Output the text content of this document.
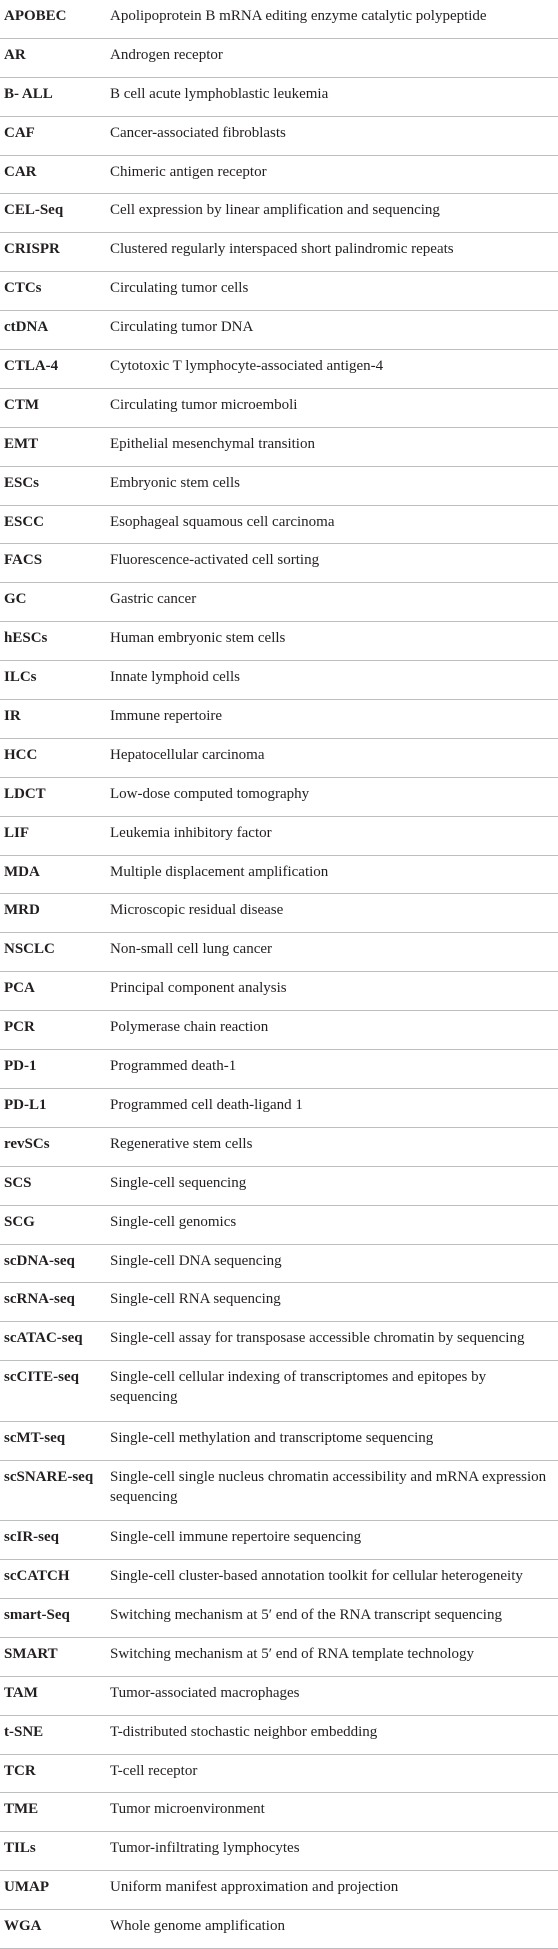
APOBEC	Apolipoprotein B mRNA editing enzyme catalytic polypeptide
AR	Androgen receptor
B- ALL	B cell acute lymphoblastic leukemia
CAF	Cancer-associated fibroblasts
CAR	Chimeric antigen receptor
CEL-Seq	Cell expression by linear amplification and sequencing
CRISPR	Clustered regularly interspaced short palindromic repeats
CTCs	Circulating tumor cells
ctDNA	Circulating tumor DNA
CTLA-4	Cytotoxic T lymphocyte-associated antigen-4
CTM	Circulating tumor microemboli
EMT	Epithelial mesenchymal transition
ESCs	Embryonic stem cells
ESCC	Esophageal squamous cell carcinoma
FACS	Fluorescence-activated cell sorting
GC	Gastric cancer
hESCs	Human embryonic stem cells
ILCs	Innate lymphoid cells
IR	Immune repertoire
HCC	Hepatocellular carcinoma
LDCT	Low-dose computed tomography
LIF	Leukemia inhibitory factor
MDA	Multiple displacement amplification
MRD	Microscopic residual disease
NSCLC	Non-small cell lung cancer
PCA	Principal component analysis
PCR	Polymerase chain reaction
PD-1	Programmed death-1
PD-L1	Programmed cell death-ligand 1
revSCs	Regenerative stem cells
SCS	Single-cell sequencing
SCG	Single-cell genomics
scDNA-seq	Single-cell DNA sequencing
scRNA-seq	Single-cell RNA sequencing
scATAC-seq	Single-cell assay for transposase accessible chromatin by sequencing
scCITE-seq	Single-cell cellular indexing of transcriptomes and epitopes by sequencing
scMT-seq	Single-cell methylation and transcriptome sequencing
scSNARE-seq	Single-cell single nucleus chromatin accessibility and mRNA expression sequencing
scIR-seq	Single-cell immune repertoire sequencing
scCATCH	Single-cell cluster-based annotation toolkit for cellular heterogeneity
smart-Seq	Switching mechanism at 5′ end of the RNA transcript sequencing
SMART	Switching mechanism at 5′ end of RNA template technology
TAM	Tumor-associated macrophages
t-SNE	T-distributed stochastic neighbor embedding
TCR	T-cell receptor
TME	Tumor microenvironment
TILs	Tumor-infiltrating lymphocytes
UMAP	Uniform manifest approximation and projection
WGA	Whole genome amplification
